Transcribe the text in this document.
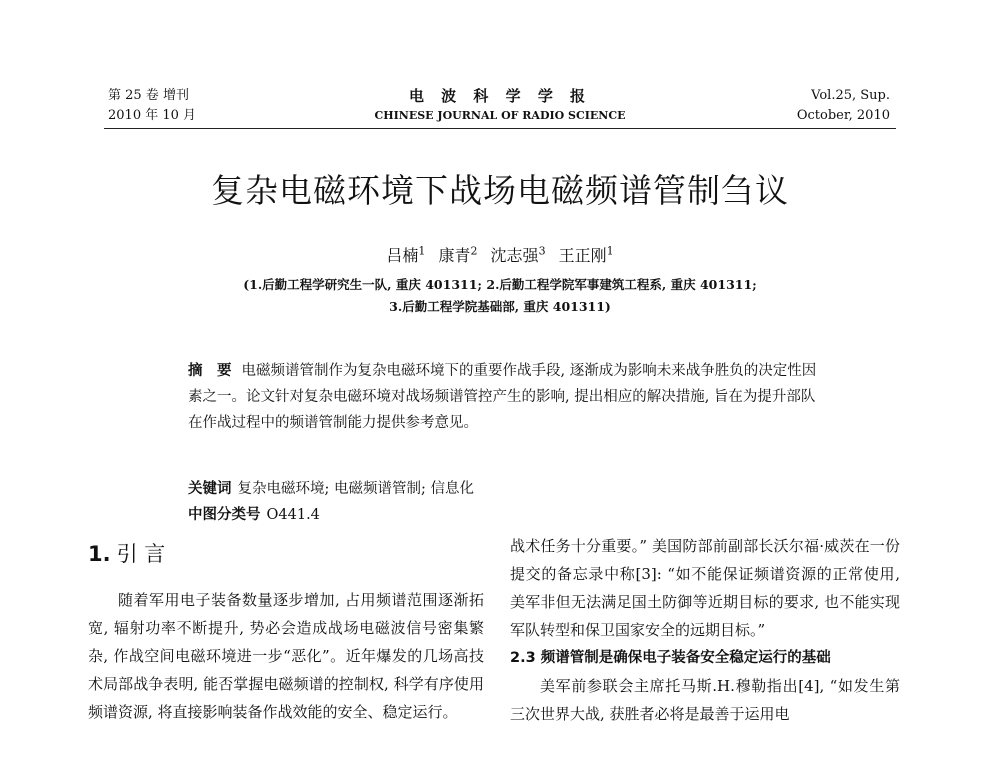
第 25 卷 增刊
2010 年 10 月
电 波 科 学 学 报
CHINESE JOURNAL OF RADIO SCIENCE
Vol.25, Sup.
October, 2010
复杂电磁环境下战场电磁频谱管制刍议
吕楠$^1$ 康青$^2$ 沈志强$^3$ 王正刚$^1$
(1.后勤工程学研究生一队, 重庆 401311; 2.后勤工程学院军事建筑工程系, 重庆 401311;
3.后勤工程学院基础部, 重庆 401311)
摘　要 电磁频谱管制作为复杂电磁环境下的重要作战手段, 逐渐成为影响未来战争胜负的决定性因素之一。论文针对复杂电磁环境对战场频谱管控产生的影响, 提出相应的解决措施, 旨在为提升部队在作战过程中的频谱管制能力提供参考意见。
关键词 复杂电磁环境; 电磁频谱管制; 信息化
中图分类号 O441.4
1. 引 言
随着军用电子装备数量逐步增加, 占用频谱范围逐渐拓宽, 辐射功率不断提升, 势必会造成战场电磁波信号密集繁杂, 作战空间电磁环境进一步“恶化”。近年爆发的几场高技术局部战争表明, 能否掌握电磁频谱的控制权, 科学有序使用频谱资源, 将直接影响装备作战效能的安全、稳定运行。

战术任务十分重要。” 美国防部前副部长沃尔福·威茨在一份提交的备忘录中称[3]: “如不能保证频谱资源的正常使用, 美军非但无法满足国土防御等近期目标的要求, 也不能实现军队转型和保卫国家安全的远期目标。”

2.3 频谱管制是确保电子装备安全稳定运行的基础

美军前参联会主席托马斯.H.穆勒指出[4], “如发生第三次世界大战, 获胜者必将是最善于运用电
